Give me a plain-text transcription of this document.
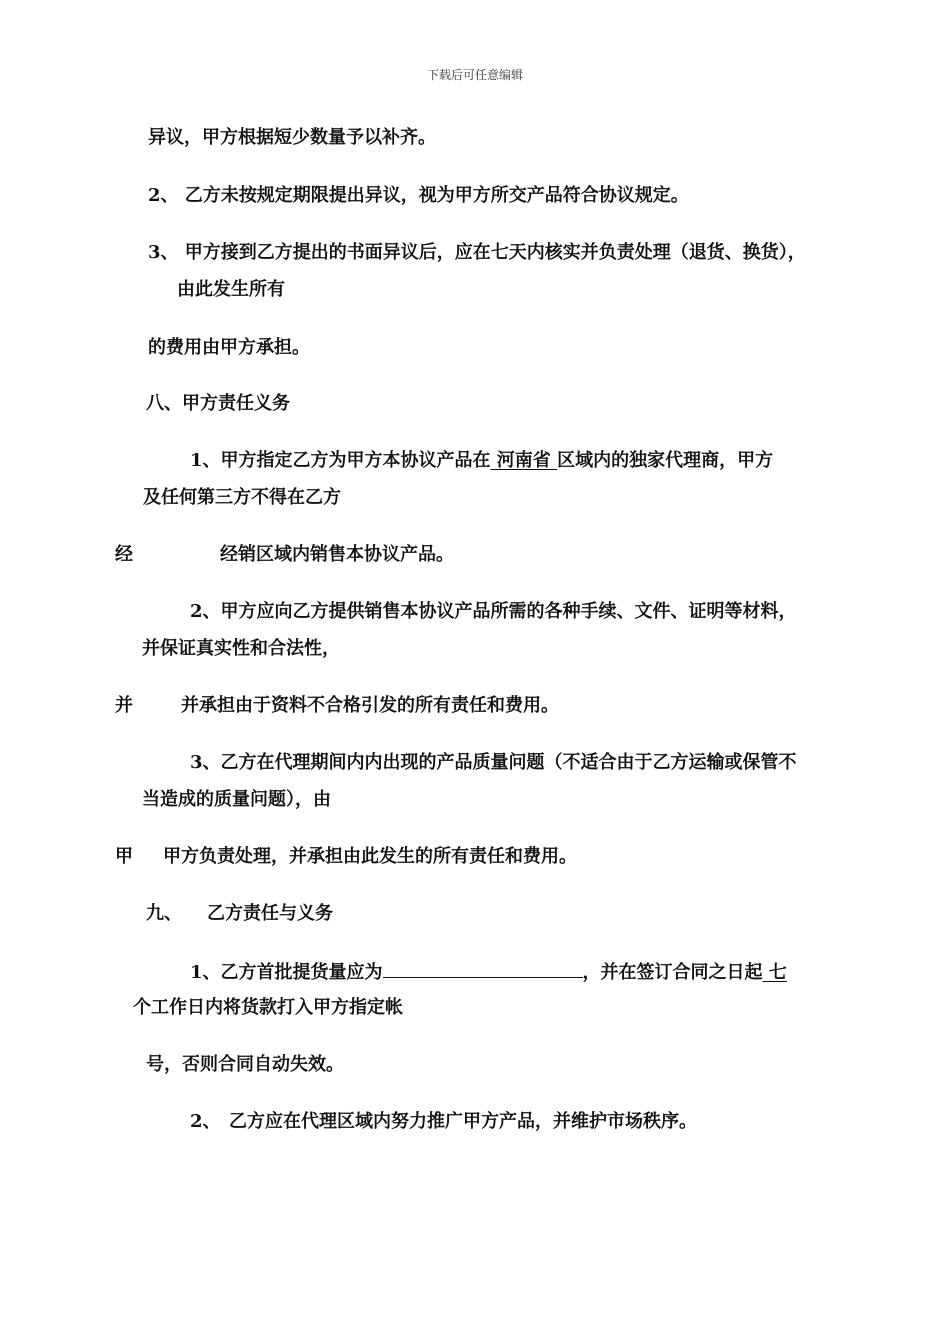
下载后可任意编辑
异议，甲方根据短少数量予以补齐。
2、 乙方未按规定期限提出异议，视为甲方所交产品符合协议规定。
3、 甲方接到乙方提出的书面异议后，应在七天内核实并负责处理（退货、换货），
由此发生所有
的费用由甲方承担。
八、甲方责任义务
1、甲方指定乙方为甲方本协议产品在 河南省 区域内的独家代理商，甲方
及任何第三方不得在乙方
经	经销区域内销售本协议产品。
2、甲方应向乙方提供销售本协议产品所需的各种手续、文件、证明等材料，
并保证真实性和合法性，
并	并承担由于资料不合格引发的所有责任和费用。
3、乙方在代理期间内内出现的产品质量问题（不适合由于乙方运输或保管不
当造成的质量问题），由
甲 甲方负责处理，并承担由此发生的所有责任和费用。
九、 乙方责任与义务
1、乙方首批提货量应为	，并在签订合同之日起 七
个工作日内将货款打入甲方指定帐
号，否则合同自动失效。
2、 乙方应在代理区域内努力推广甲方产品，并维护市场秩序。
